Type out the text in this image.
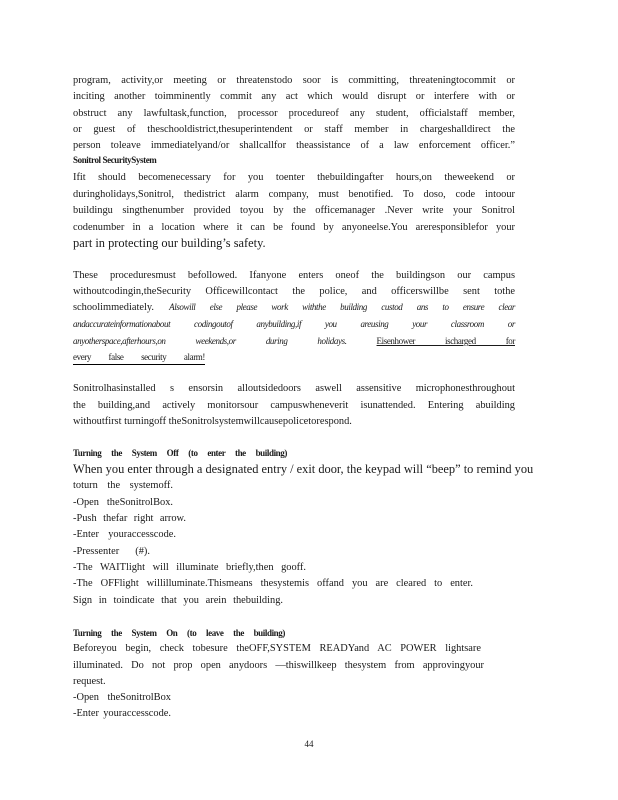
program, activity,or meeting or threatenstodo soor is committing, threateningtocommit or
inciting another toimminently commit any act which would disrupt or interfere with or
obstruct any lawfultask,function, processor procedureof any student, officialstaff member,
or guest of theschooldistrict,thesuperintendent or staff member in chargeshalldirect the
person toleave immediatelyand/or shallcallfor theassistance of a law enforcement officer.”
Sonitrol SecuritySystem
Ifit should becomenecessary for you toenter thebuildingafter hours,on theweekend or
duringholidays,Sonitrol, thedistrict alarm company, must benotified. To doso, code intoour
buildingu singthenumber provided toyou by the officemanager .Never write your Sonitrol
codenumber in a location where it can be found by anyoneelse.You areresponsiblefor your
part in protecting our building’s safety.
These proceduresmust befollowed. Ifanyone enters oneof the buildingson our campus
withoutcodingin,theSecurity Officewillcontact the police, and officerswillbe sent tothe
schoolimmediately. Alsowill else please work withthe building custod ans to ensure clear
andaccurateinformationabout codingoutof anybuilding,if you areusing your classroom or
anyotherspace,afterhours,on weekends,or during holidays.	Eisenhower ischarged for
every false security alarm!
Sonitrolhasinstalled s ensorsin alloutsidedoors aswell assensitive microphonesthroughout
the building,and actively monitorsour campuswheneverit isunattended. Entering abuilding
withoutfirst turningoff theSonitrolsystemwillcausepolicetorespond.
Turning the System Off (to enter the building)
When you enter through a designated entry / exit door, the keypad will “beep” to remind you
toturn the systemoff.
-Open theSonitrolBox.
-Push thefar right arrow.
-Enter youraccesscode.
-Pressenter (#).
-The WAITlight will illuminate briefly,then gooff.
-The OFFlight willilluminate.Thismeans thesystemis offand you are cleared to enter.
Sign in toindicate that you arein thebuilding.
Turning the System On (to leave the building)
Beforeyou begin, check tobesure theOFF,SYSTEM READYand AC POWER lightsare
illuminated. Do not prop open anydoors —thiswillkeep thesystem from approvingyour
request.
-Open theSonitrolBox
-Enter youraccesscode.
44
